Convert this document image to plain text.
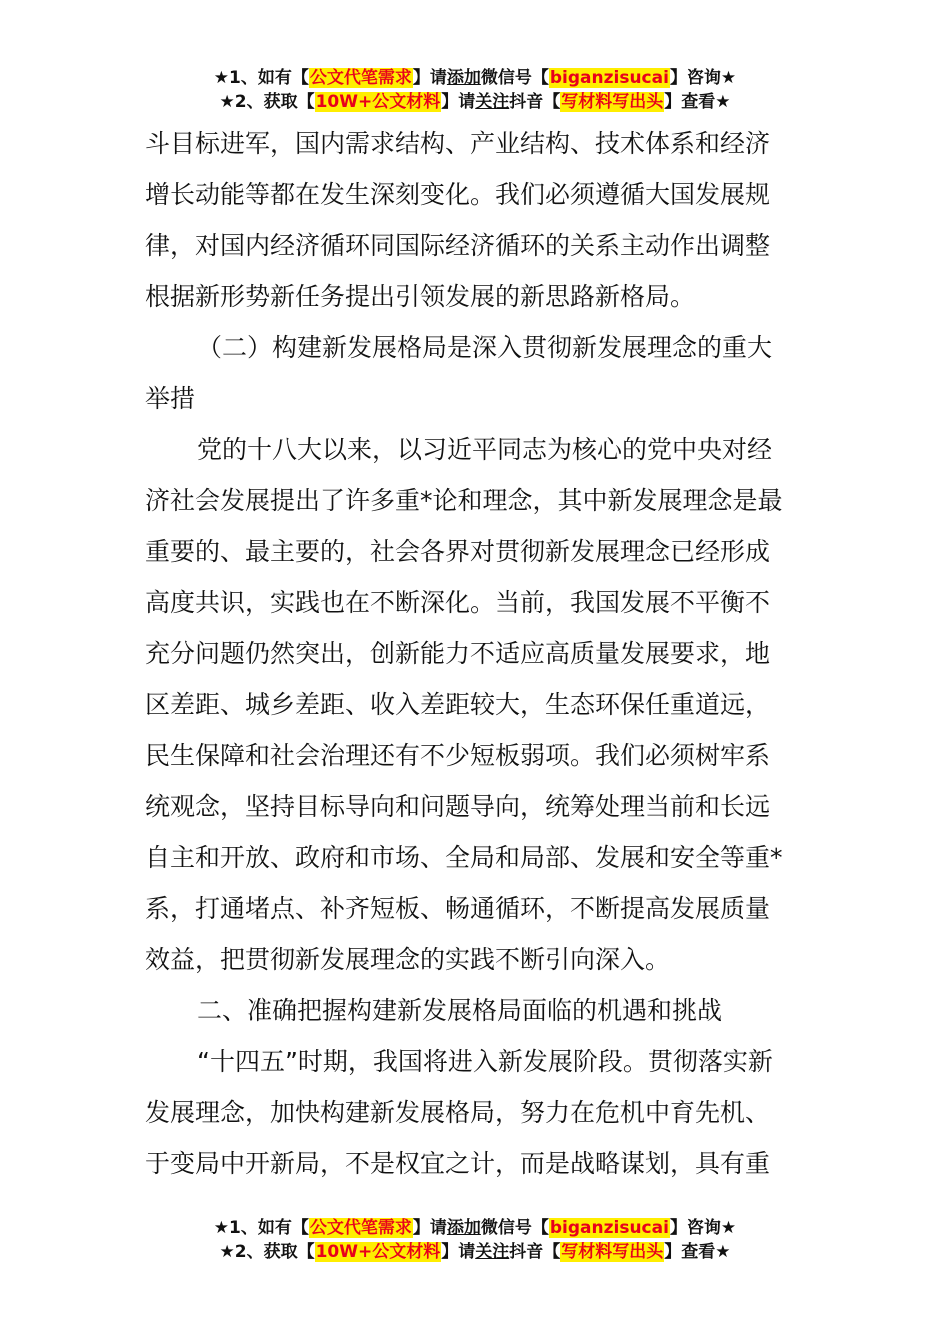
★1、如有【公文代笔需求】请添加微信号【biganzisucai】咨询★
★2、获取【10W+公文材料】请关注抖音【写材料写出头】查看★
斗目标进军，国内需求结构、产业结构、技术体系和经济
增长动能等都在发生深刻变化。我们必须遵循大国发展规
律，对国内经济循环同国际经济循环的关系主动作出调整
根据新形势新任务提出引领发展的新思路新格局。
（二）构建新发展格局是深入贯彻新发展理念的重大
举措
党的十八大以来，以习近平同志为核心的党中央对经
济社会发展提出了许多重*论和理念，其中新发展理念是最
重要的、最主要的，社会各界对贯彻新发展理念已经形成
高度共识，实践也在不断深化。当前，我国发展不平衡不
充分问题仍然突出，创新能力不适应高质量发展要求，地
区差距、城乡差距、收入差距较大，生态环保任重道远，
民生保障和社会治理还有不少短板弱项。我们必须树牢系
统观念，坚持目标导向和问题导向，统筹处理当前和长远
自主和开放、政府和市场、全局和局部、发展和安全等重*
系，打通堵点、补齐短板、畅通循环，不断提高发展质量
效益，把贯彻新发展理念的实践不断引向深入。
二、准确把握构建新发展格局面临的机遇和挑战
“十四五”时期，我国将进入新发展阶段。贯彻落实新
发展理念，加快构建新发展格局，努力在危机中育先机、
于变局中开新局，不是权宜之计，而是战略谋划，具有重
★1、如有【公文代笔需求】请添加微信号【biganzisucai】咨询★
★2、获取【10W+公文材料】请关注抖音【写材料写出头】查看★
